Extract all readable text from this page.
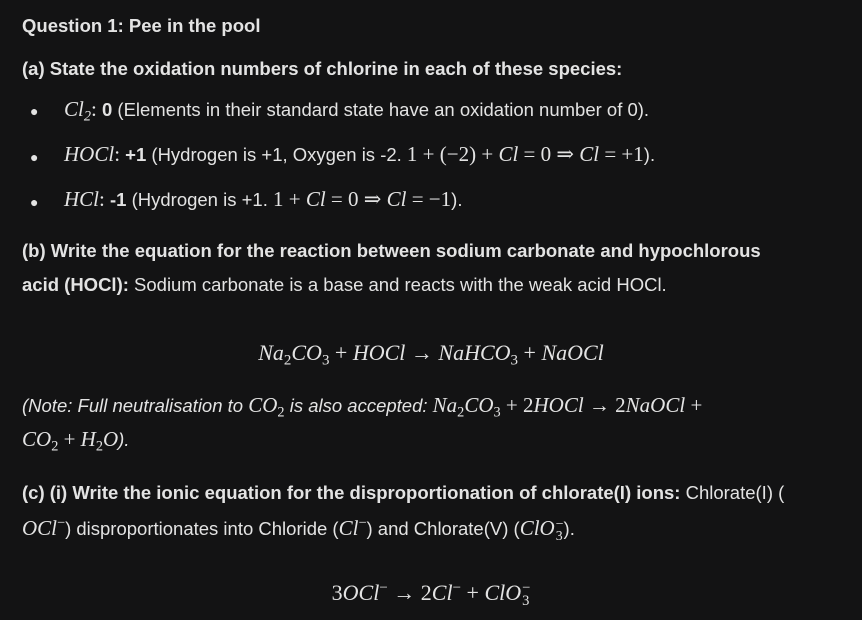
Question 1: Pee in the pool
(a) State the oxidation numbers of chlorine in each of these species:
● $Cl_2$: 0 (Elements in their standard state have an oxidation number of 0).
● HOCl: +1 (Hydrogen is +1, Oxygen is -2. 1 + (−2) + Cl = 0 ⇒ Cl = +1).
● HCl: -1 (Hydrogen is +1. 1 + Cl = 0 ⇒ Cl = −1).
(b) Write the equation for the reaction between sodium carbonate and hypochlorous
acid (HOCl): Sodium carbonate is a base and reacts with the weak acid HOCl.
$Na_2CO_3$ + HOCl → NaHCO$_3$ + NaOCl
(Note: Full neutralisation to $CO_2$ is also accepted: $Na_2CO_3$ + 2HOCl → 2NaOCl +
$CO_2 + H_2O$).
(c) (i) Write the ionic equation for the disproportionation of chlorate(I) ions: Chlorate(I) (
OCl−) disproportionates into Chloride (Cl−) and Chlorate(V) (ClO −
3 ).
3OCl− → 2Cl− + ClO −
3
